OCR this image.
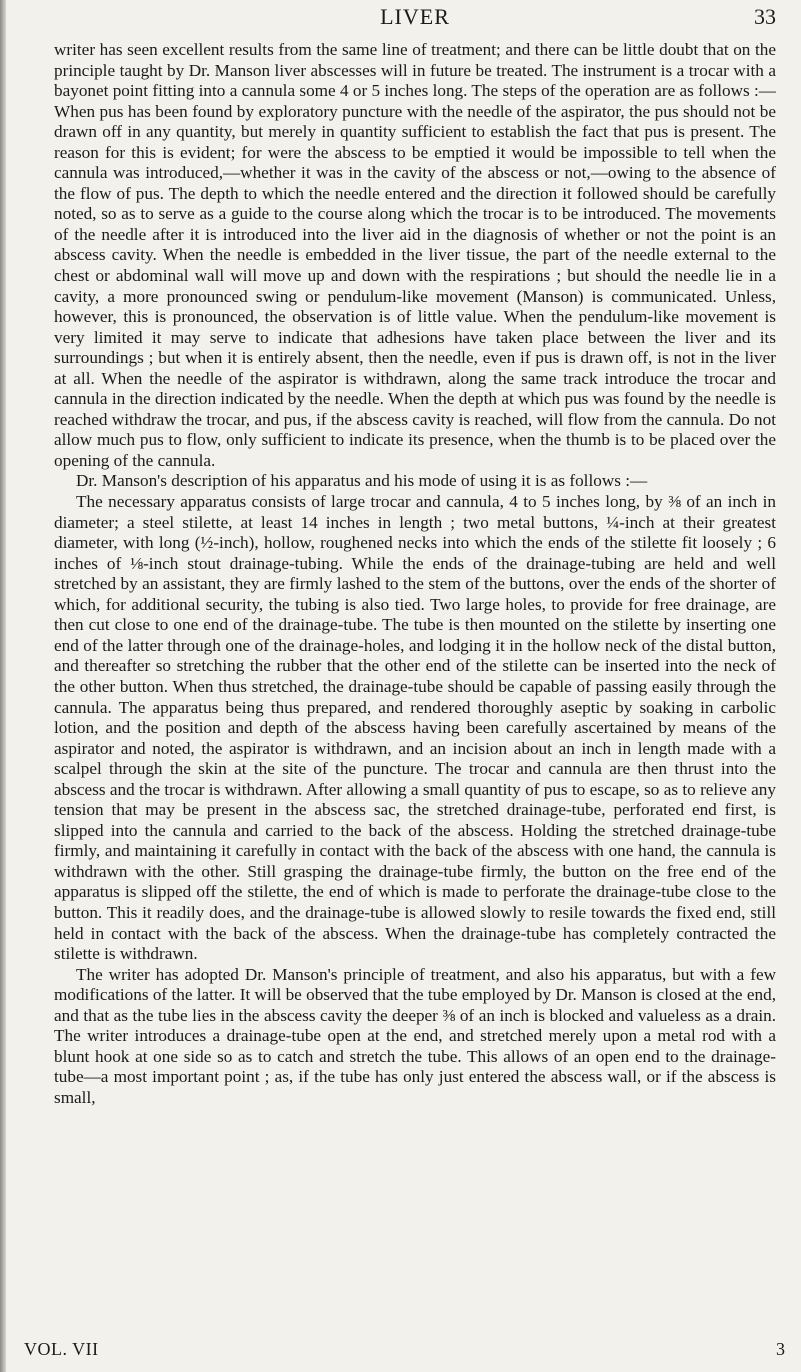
LIVER	33

writer has seen excellent results from the same line of treatment; and there can be little doubt that on the principle taught by Dr. Manson liver abscesses will in future be treated. The instrument is a trocar with a bayonet point fitting into a cannula some 4 or 5 inches long. The steps of the operation are as follows :—When pus has been found by exploratory puncture with the needle of the aspirator, the pus should not be drawn off in any quantity, but merely in quantity sufficient to establish the fact that pus is present. The reason for this is evident; for were the abscess to be emptied it would be impossible to tell when the cannula was introduced,—whether it was in the cavity of the abscess or not,—owing to the absence of the flow of pus. The depth to which the needle entered and the direction it followed should be carefully noted, so as to serve as a guide to the course along which the trocar is to be introduced. The movements of the needle after it is introduced into the liver aid in the diagnosis of whether or not the point is an abscess cavity. When the needle is embedded in the liver tissue, the part of the needle external to the chest or abdominal wall will move up and down with the respirations ; but should the needle lie in a cavity, a more pronounced swing or pendulum-like movement (Manson) is communicated. Unless, however, this is pronounced, the observation is of little value. When the pendulum-like movement is very limited it may serve to indicate that adhesions have taken place between the liver and its surroundings ; but when it is entirely absent, then the needle, even if pus is drawn off, is not in the liver at all. When the needle of the aspirator is withdrawn, along the same track introduce the trocar and cannula in the direction indicated by the needle. When the depth at which pus was found by the needle is reached withdraw the trocar, and pus, if the abscess cavity is reached, will flow from the cannula. Do not allow much pus to flow, only sufficient to indicate its presence, when the thumb is to be placed over the opening of the cannula.

Dr. Manson's description of his apparatus and his mode of using it is as follows :—

The necessary apparatus consists of large trocar and cannula, 4 to 5 inches long, by ⅜ of an inch in diameter; a steel stilette, at least 14 inches in length ; two metal buttons, ¼-inch at their greatest diameter, with long (½-inch), hollow, roughened necks into which the ends of the stilette fit loosely ; 6 inches of ⅛-inch stout drainage-tubing. While the ends of the drainage-tubing are held and well stretched by an assistant, they are firmly lashed to the stem of the buttons, over the ends of the shorter of which, for additional security, the tubing is also tied. Two large holes, to provide for free drainage, are then cut close to one end of the drainage-tube. The tube is then mounted on the stilette by inserting one end of the latter through one of the drainage-holes, and lodging it in the hollow neck of the distal button, and thereafter so stretching the rubber that the other end of the stilette can be inserted into the neck of the other button. When thus stretched, the drainage-tube should be capable of passing easily through the cannula. The apparatus being thus prepared, and rendered thoroughly aseptic by soaking in carbolic lotion, and the position and depth of the abscess having been carefully ascertained by means of the aspirator and noted, the aspirator is withdrawn, and an incision about an inch in length made with a scalpel through the skin at the site of the puncture. The trocar and cannula are then thrust into the abscess and the trocar is withdrawn. After allowing a small quantity of pus to escape, so as to relieve any tension that may be present in the abscess sac, the stretched drainage-tube, perforated end first, is slipped into the cannula and carried to the back of the abscess. Holding the stretched drainage-tube firmly, and maintaining it carefully in contact with the back of the abscess with one hand, the cannula is withdrawn with the other. Still grasping the drainage-tube firmly, the button on the free end of the apparatus is slipped off the stilette, the end of which is made to perforate the drainage-tube close to the button. This it readily does, and the drainage-tube is allowed slowly to resile towards the fixed end, still held in contact with the back of the abscess. When the drainage-tube has completely contracted the stilette is withdrawn.

The writer has adopted Dr. Manson's principle of treatment, and also his apparatus, but with a few modifications of the latter. It will be observed that the tube employed by Dr. Manson is closed at the end, and that as the tube lies in the abscess cavity the deeper ⅜ of an inch is blocked and valueless as a drain. The writer introduces a drainage-tube open at the end, and stretched merely upon a metal rod with a blunt hook at one side so as to catch and stretch the tube. This allows of an open end to the drainage-tube—a most important point ; as, if the tube has only just entered the abscess wall, or if the abscess is small,

VOL. VII	3
